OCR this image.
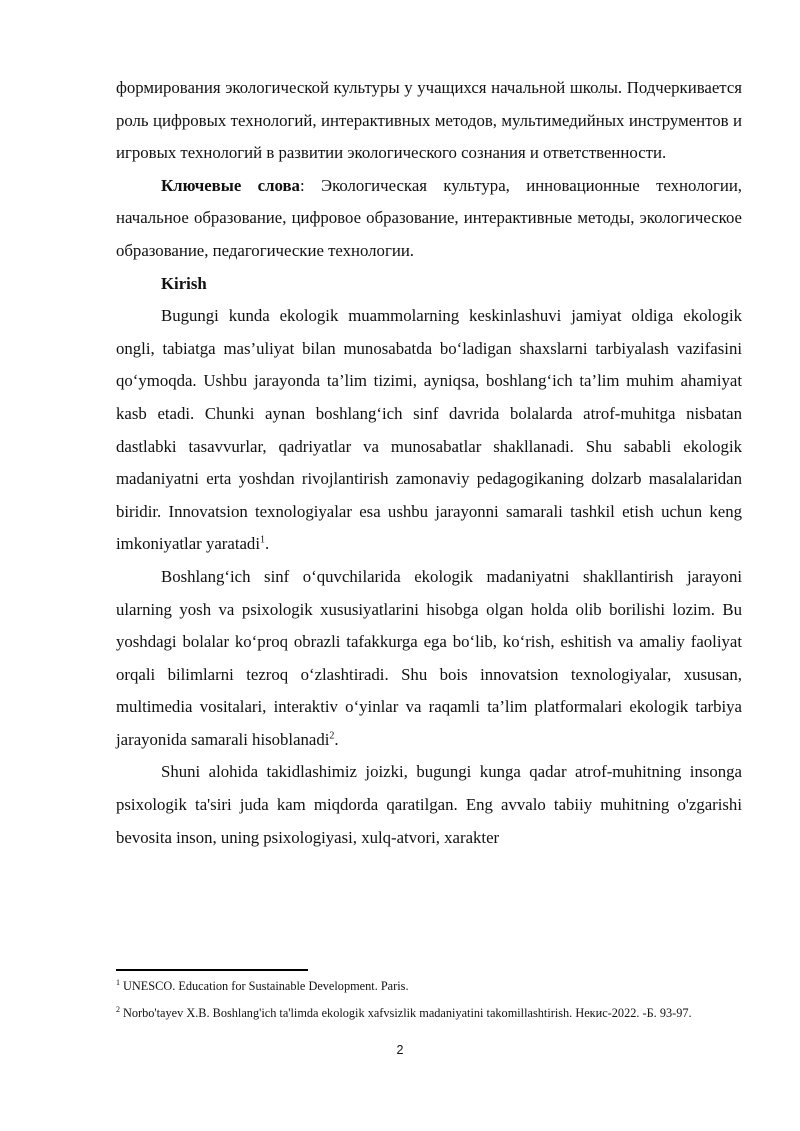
формирования экологической культуры у учащихся начальной школы. Подчеркивается роль цифровых технологий, интерактивных методов, мультимедийных инструментов и игровых технологий в развитии экологического сознания и ответственности.

Ключевые слова: Экологическая культура, инновационные технологии, начальное образование, цифровое образование, интерактивные методы, экологическое образование, педагогические технологии.

Kirish

Bugungi kunda ekologik muammolarning keskinlashuvi jamiyat oldiga ekologik ongli, tabiatga mas’uliyat bilan munosabatda bo‘ladigan shaxslarni tarbiyalash vazifasini qo‘ymoqda. Ushbu jarayonda ta’lim tizimi, ayniqsa, boshlang‘ich ta’lim muhim ahamiyat kasb etadi. Chunki aynan boshlang‘ich sinf davrida bolalarda atrof-muhitga nisbatan dastlabki tasavvurlar, qadriyatlar va munosabatlar shakllanadi. Shu sababli ekologik madaniyatni erta yoshdan rivojlantirish zamonaviy pedagogikaning dolzarb masalalaridan biridir. Innovatsion texnologiyalar esa ushbu jarayonni samarali tashkil etish uchun keng imkoniyatlar yaratadi$^1$.

Boshlang‘ich sinf o‘quvchilarida ekologik madaniyatni shakllantirish jarayoni ularning yosh va psixologik xususiyatlarini hisobga olgan holda olib borilishi lozim. Bu yoshdagi bolalar ko‘proq obrazli tafakkurga ega bo‘lib, ko‘rish, eshitish va amaliy faoliyat orqali bilimlarni tezroq o‘zlashtiradi. Shu bois innovatsion texnologiyalar, xususan, multimedia vositalari, interaktiv o‘yinlar va raqamli ta’lim platformalari ekologik tarbiya jarayonida samarali hisoblanadi$^2$.

Shuni alohida takidlashimiz joizki, bugungi kunga qadar atrof-muhitning insonga psixologik ta'siri juda kam miqdorda qaratilgan. Eng avvalo tabiiy muhitning o'zgarishi bevosita inson, uning psixologiyasi, xulq-atvori, xarakter

$^1$ UNESCO. Education for Sustainable Development. Paris.
$^2$ Norbo'tayev X.B. Boshlang'ich ta'limda ekologik xafvsizlik madaniyatini takomillashtirish. Некис-2022. -Б. 93-97.
2
